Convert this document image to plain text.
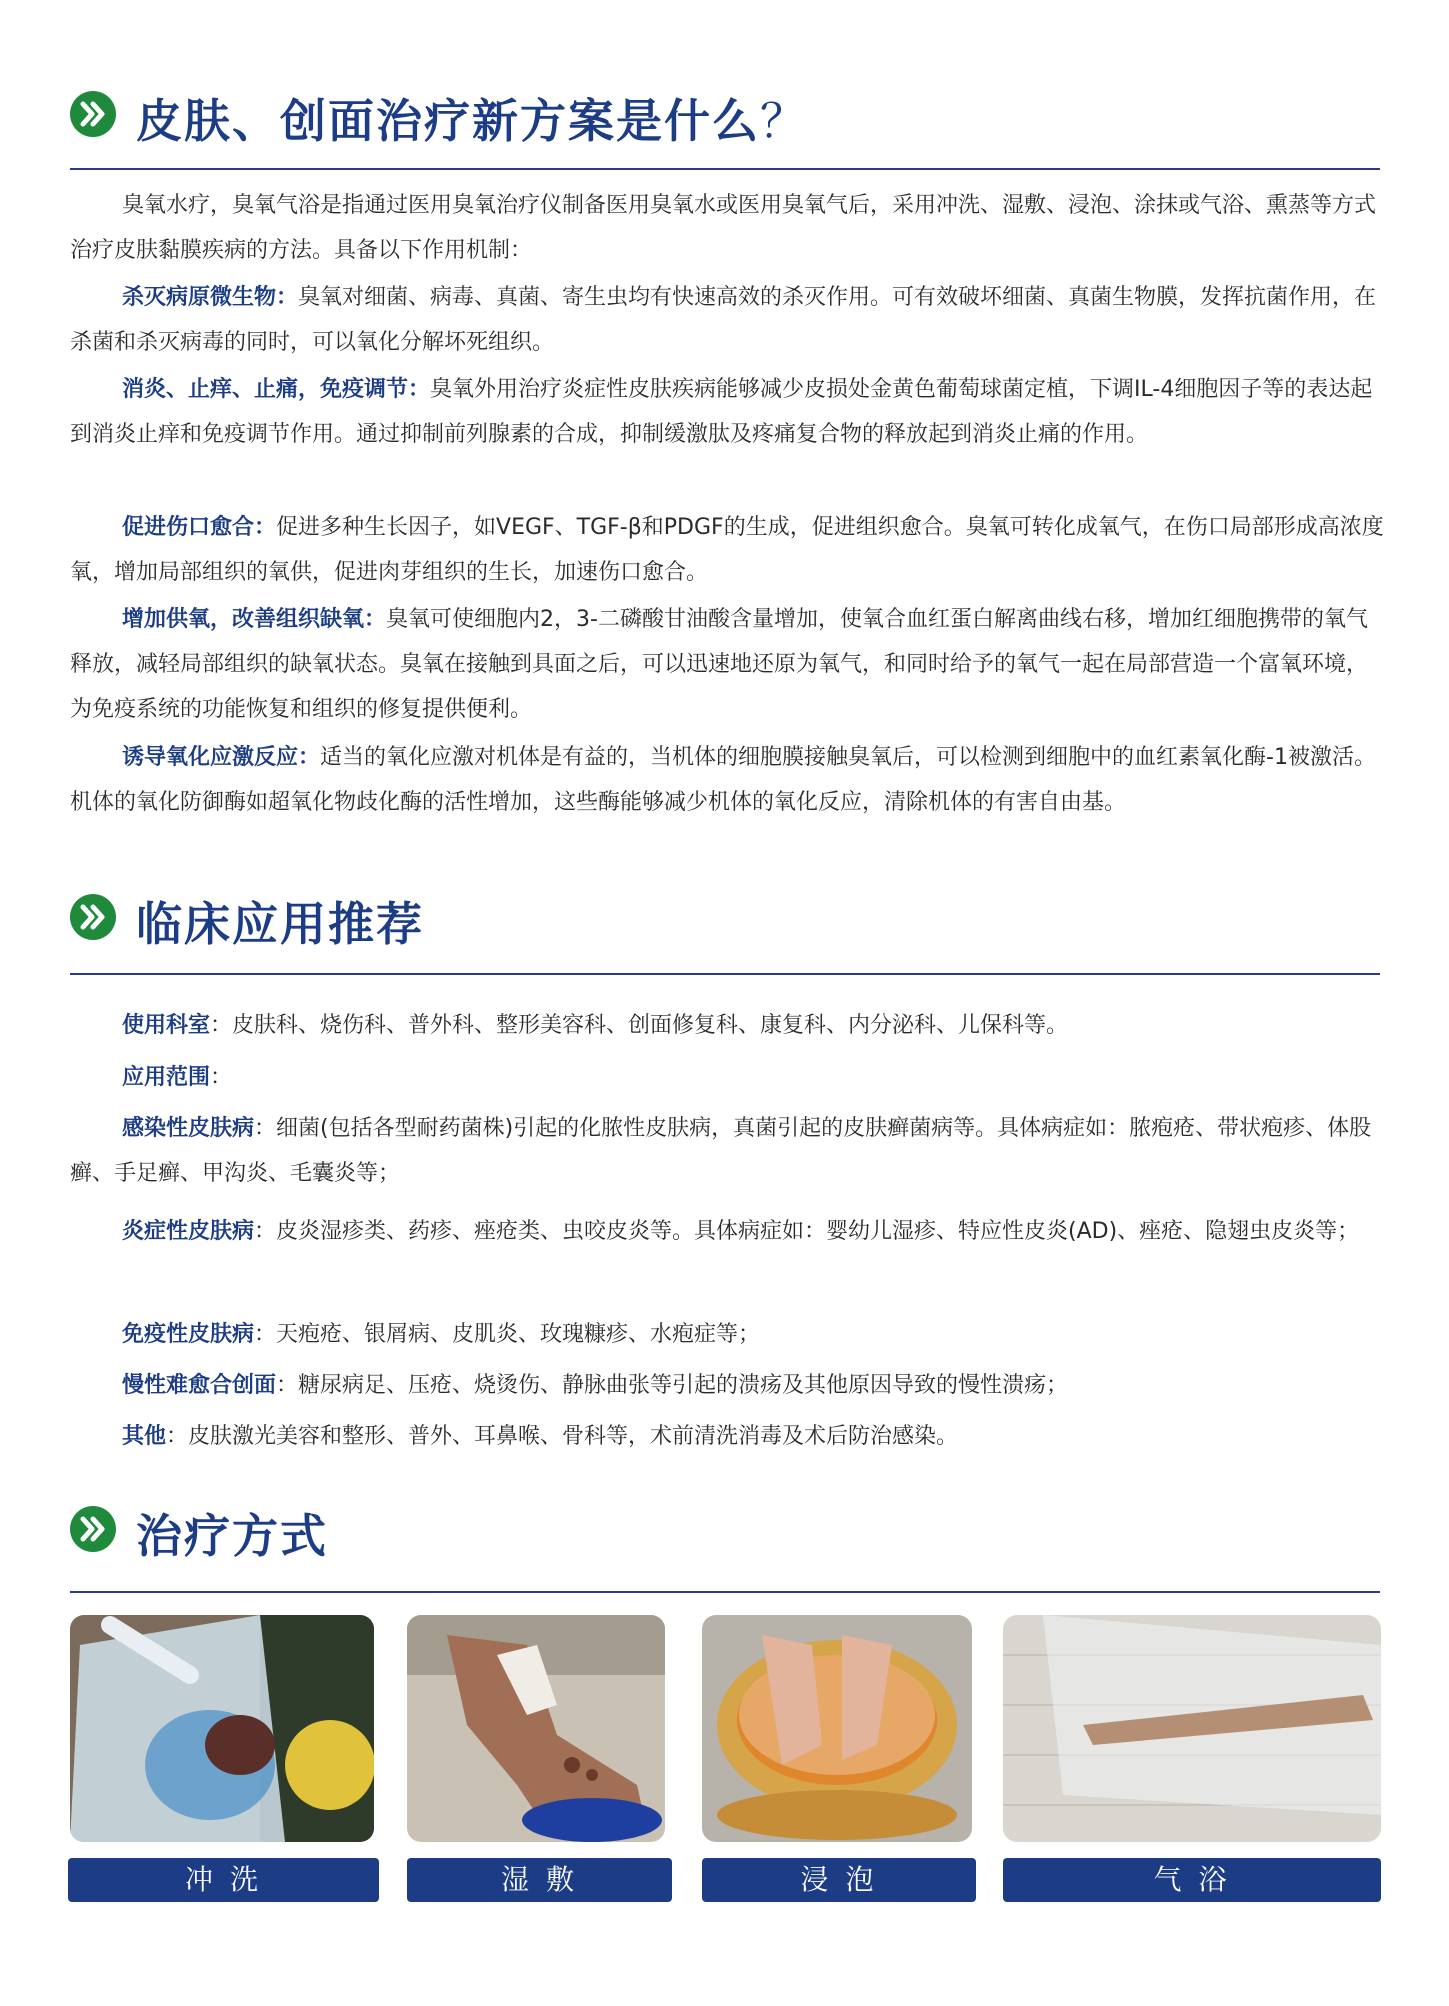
皮肤、创面治疗新方案是什么？

臭氧水疗，臭氧气浴是指通过医用臭氧治疗仪制备医用臭氧水或医用臭氧气后，采用冲洗、湿敷、浸泡、涂抹或气浴、熏蒸等方式治疗皮肤黏膜疾病的方法。具备以下作用机制：

杀灭病原微生物：臭氧对细菌、病毒、真菌、寄生虫均有快速高效的杀灭作用。可有效破坏细菌、真菌生物膜，发挥抗菌作用，在杀菌和杀灭病毒的同时，可以氧化分解坏死组织。

消炎、止痒、止痛，免疫调节：臭氧外用治疗炎症性皮肤疾病能够减少皮损处金黄色葡萄球菌定植，下调IL-4细胞因子等的表达起到消炎止痒和免疫调节作用。通过抑制前列腺素的合成，抑制缓激肽及疼痛复合物的释放起到消炎止痛的作用。

促进伤口愈合：促进多种生长因子，如VEGF、TGF-β和PDGF的生成，促进组织愈合。臭氧可转化成氧气，在伤口局部形成高浓度氧，增加局部组织的氧供，促进肉芽组织的生长，加速伤口愈合。

增加供氧，改善组织缺氧：臭氧可使细胞内2，3-二磷酸甘油酸含量增加，使氧合血红蛋白解离曲线右移，增加红细胞携带的氧气释放，减轻局部组织的缺氧状态。臭氧在接触到具面之后，可以迅速地还原为氧气，和同时给予的氧气一起在局部营造一个富氧环境，为免疫系统的功能恢复和组织的修复提供便利。

诱导氧化应激反应：适当的氧化应激对机体是有益的，当机体的细胞膜接触臭氧后，可以检测到细胞中的血红素氧化酶-1被激活。机体的氧化防御酶如超氧化物歧化酶的活性增加，这些酶能够减少机体的氧化反应，清除机体的有害自由基。

临床应用推荐

使用科室：皮肤科、烧伤科、普外科、整形美容科、创面修复科、康复科、内分泌科、儿保科等。

应用范围：

感染性皮肤病：细菌(包括各型耐药菌株)引起的化脓性皮肤病，真菌引起的皮肤癣菌病等。具体病症如：脓疱疮、带状疱疹、体股癣、手足癣、甲沟炎、毛囊炎等；

炎症性皮肤病：皮炎湿疹类、药疹、痤疮类、虫咬皮炎等。具体病症如：婴幼儿湿疹、特应性皮炎(AD)、痤疮、隐翅虫皮炎等；

免疫性皮肤病：天疱疮、银屑病、皮肌炎、玫瑰糠疹、水疱症等；

慢性难愈合创面：糖尿病足、压疮、烧烫伤、静脉曲张等引起的溃疡及其他原因导致的慢性溃疡；

其他：皮肤激光美容和整形、普外、耳鼻喉、骨科等，术前清洗消毒及术后防治感染。

治疗方式
冲 洗	湿 敷	浸 泡	气 浴
